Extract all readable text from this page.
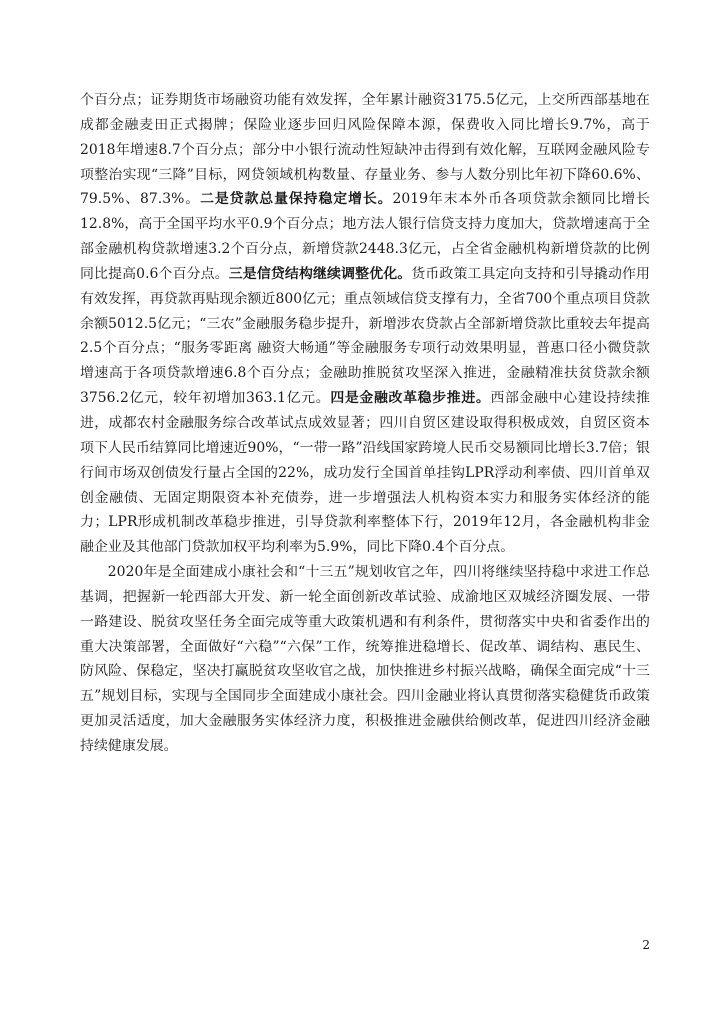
个百分点；证券期货市场融资功能有效发挥，全年累计融资3175.5亿元，上交所西部基地在成都金融麦田正式揭牌；保险业逐步回归风险保障本源，保费收入同比增长9.7%，高于2018年增速8.7个百分点；部分中小银行流动性短缺冲击得到有效化解，互联网金融风险专项整治实现“三降”目标，网贷领域机构数量、存量业务、参与人数分别比年初下降60.6%、79.5%、87.3%。二是贷款总量保持稳定增长。2019年末本外币各项贷款余额同比增长12.8%，高于全国平均水平0.9个百分点；地方法人银行信贷支持力度加大，贷款增速高于全部金融机构贷款增速3.2个百分点，新增贷款2448.3亿元，占全省金融机构新增贷款的比例同比提高0.6个百分点。三是信贷结构继续调整优化。货币政策工具定向支持和引导撬动作用有效发挥，再贷款再贴现余额近800亿元；重点领域信贷支撑有力，全省700个重点项目贷款余额5012.5亿元；“三农”金融服务稳步提升，新增涉农贷款占全部新增贷款比重较去年提高2.5个百分点；“服务零距离 融资大畅通”等金融服务专项行动效果明显，普惠口径小微贷款增速高于各项贷款增速6.8个百分点；金融助推脱贫攻坚深入推进，金融精准扶贫贷款余额3756.2亿元，较年初增加363.1亿元。四是金融改革稳步推进。西部金融中心建设持续推进，成都农村金融服务综合改革试点成效显著；四川自贸区建设取得积极成效，自贸区资本项下人民币结算同比增速近90%，“一带一路”沿线国家跨境人民币交易额同比增长3.7倍；银行间市场双创债发行量占全国的22%，成功发行全国首单挂钩LPR浮动利率债、四川首单双创金融债、无固定期限资本补充债券，进一步增强法人机构资本实力和服务实体经济的能力；LPR形成机制改革稳步推进，引导贷款利率整体下行，2019年12月，各金融机构非金融企业及其他部门贷款加权平均利率为5.9%，同比下降0.4个百分点。

2020年是全面建成小康社会和“十三五”规划收官之年，四川将继续坚持稳中求进工作总基调，把握新一轮西部大开发、新一轮全面创新改革试验、成渝地区双城经济圈发展、一带一路建设、脱贫攻坚任务全面完成等重大政策机遇和有利条件，贯彻落实中央和省委作出的重大决策部署，全面做好“六稳”“六保”工作，统筹推进稳增长、促改革、调结构、惠民生、防风险、保稳定，坚决打赢脱贫攻坚收官之战，加快推进乡村振兴战略，确保全面完成“十三五”规划目标，实现与全国同步全面建成小康社会。四川金融业将认真贯彻落实稳健货币政策更加灵活适度，加大金融服务实体经济力度，积极推进金融供给侧改革，促进四川经济金融持续健康发展。

2
